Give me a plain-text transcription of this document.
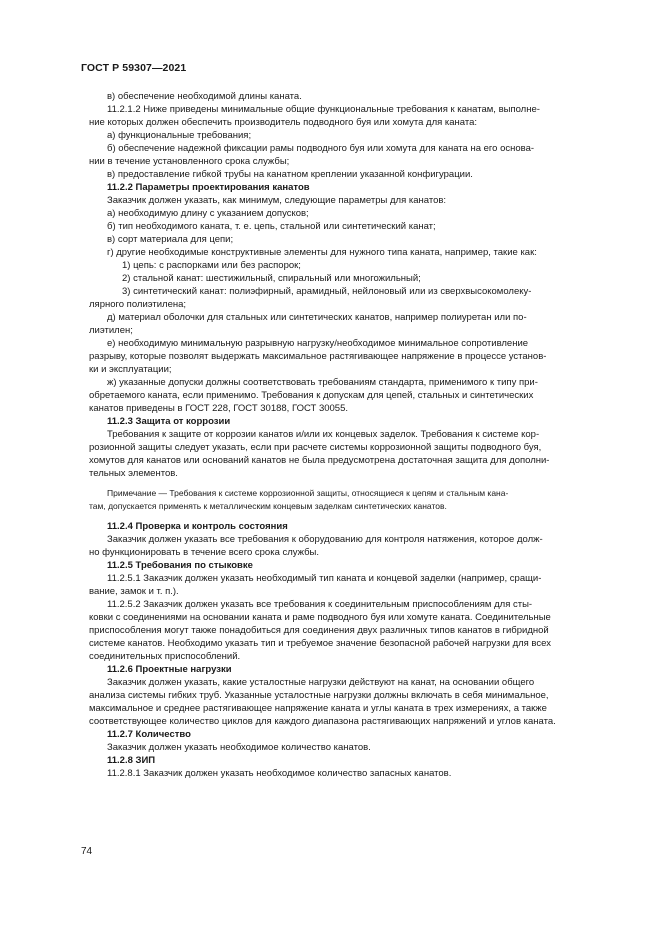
ГОСТ Р 59307—2021
в) обеспечение необходимой длины каната.
11.2.1.2 Ниже приведены минимальные общие функциональные требования к канатам, выполне-
ние которых должен обеспечить производитель подводного буя или хомута для каната:
а) функциональные требования;
б) обеспечение надежной фиксации рамы подводного буя или хомута для каната на его основа-
нии в течение установленного срока службы;
в) предоставление гибкой трубы на канатном креплении указанной конфигурации.
11.2.2 Параметры проектирования канатов
Заказчик должен указать, как минимум, следующие параметры для канатов:
а) необходимую длину с указанием допусков;
б) тип необходимого каната, т. е. цепь, стальной или синтетический канат;
в) сорт материала для цепи;
г) другие необходимые конструктивные элементы для нужного типа каната, например, такие как:
1) цепь: с распорками или без распорок;
2) стальной канат: шестижильный, спиральный или многожильный;
3) синтетический канат: полиэфирный, арамидный, нейлоновый или из сверхвысокомолеку-
лярного полиэтилена;
д) материал оболочки для стальных или синтетических канатов, например полиуретан или по-
лиэтилен;
е) необходимую минимальную разрывную нагрузку/необходимое минимальное сопротивление
разрыву, которые позволят выдержать максимальное растягивающее напряжение в процессе установ-
ки и эксплуатации;
ж) указанные допуски должны соответствовать требованиям стандарта, применимого к типу при-
обретаемого каната, если применимо. Требования к допускам для цепей, стальных и синтетических
канатов приведены в ГОСТ 228, ГОСТ 30188, ГОСТ 30055.
11.2.3 Защита от коррозии
Требования к защите от коррозии канатов и/или их концевых заделок. Требования к системе кор-
розионной защиты следует указать, если при расчете системы коррозионной защиты подводного буя,
хомутов для канатов или оснований канатов не была предусмотрена достаточная защита для дополни-
тельных элементов.
Примечание — Требования к системе коррозионной защиты, относящиеся к цепям и стальным кана-
там, допускается применять к металлическим концевым заделкам синтетических канатов.
11.2.4 Проверка и контроль состояния
Заказчик должен указать все требования к оборудованию для контроля натяжения, которое долж-
но функционировать в течение всего срока службы.
11.2.5 Требования по стыковке
11.2.5.1 Заказчик должен указать необходимый тип каната и концевой заделки (например, сращи-
вание, замок и т. п.).
11.2.5.2 Заказчик должен указать все требования к соединительным приспособлениям для сты-
ковки с соединениями на основании каната и раме подводного буя или хомуте каната. Соединительные
приспособления могут также понадобиться для соединения двух различных типов канатов в гибридной
системе канатов. Необходимо указать тип и требуемое значение безопасной рабочей нагрузки для всех
соединительных приспособлений.
11.2.6 Проектные нагрузки
Заказчик должен указать, какие усталостные нагрузки действуют на канат, на основании общего
анализа системы гибких труб. Указанные усталостные нагрузки должны включать в себя минимальное,
максимальное и среднее растягивающее напряжение каната и углы каната в трех измерениях, а также
соответствующее количество циклов для каждого диапазона растягивающих напряжений и углов каната.
11.2.7 Количество
Заказчик должен указать необходимое количество канатов.
11.2.8 ЗИП
11.2.8.1 Заказчик должен указать необходимое количество запасных канатов.
74
